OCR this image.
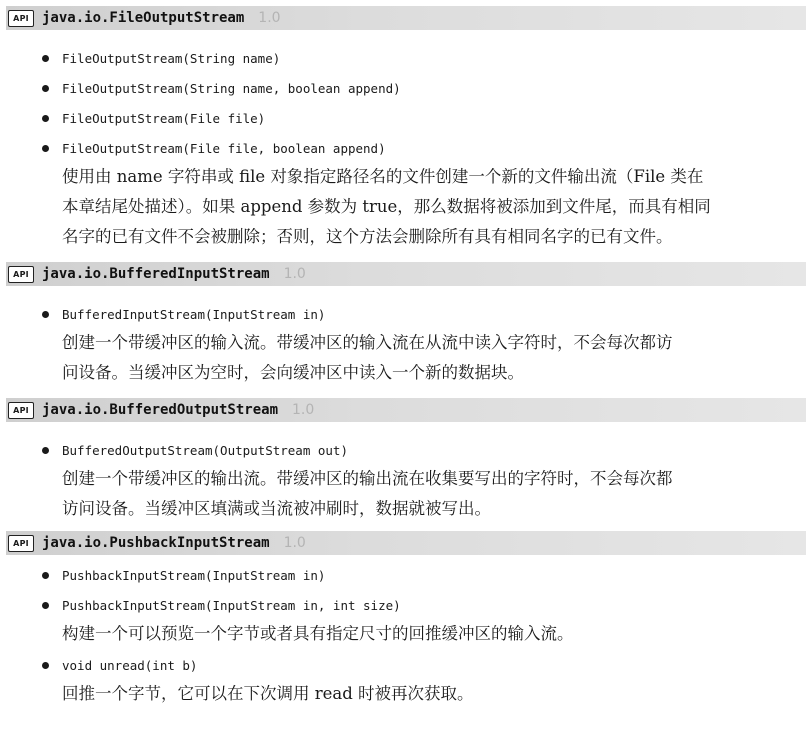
API java.io.FileOutputStream 1.0
FileOutputStream(String name)
FileOutputStream(String name, boolean append)
FileOutputStream(File file)
FileOutputStream(File file, boolean append)
使用由 name 字符串或 file 对象指定路径名的文件创建一个新的文件输出流（File 类在
本章结尾处描述）。如果 append 参数为 true，那么数据将被添加到文件尾，而具有相同
名字的已有文件不会被删除；否则，这个方法会删除所有具有相同名字的已有文件。
API java.io.BufferedInputStream 1.0
BufferedInputStream(InputStream in)
创建一个带缓冲区的输入流。带缓冲区的输入流在从流中读入字符时，不会每次都访
问设备。当缓冲区为空时，会向缓冲区中读入一个新的数据块。
API java.io.BufferedOutputStream 1.0
BufferedOutputStream(OutputStream out)
创建一个带缓冲区的输出流。带缓冲区的输出流在收集要写出的字符时，不会每次都
访问设备。当缓冲区填满或当流被冲刷时，数据就被写出。
API java.io.PushbackInputStream 1.0
PushbackInputStream(InputStream in)
PushbackInputStream(InputStream in, int size)
构建一个可以预览一个字节或者具有指定尺寸的回推缓冲区的输入流。
void unread(int b)
回推一个字节，它可以在下次调用 read 时被再次获取。
